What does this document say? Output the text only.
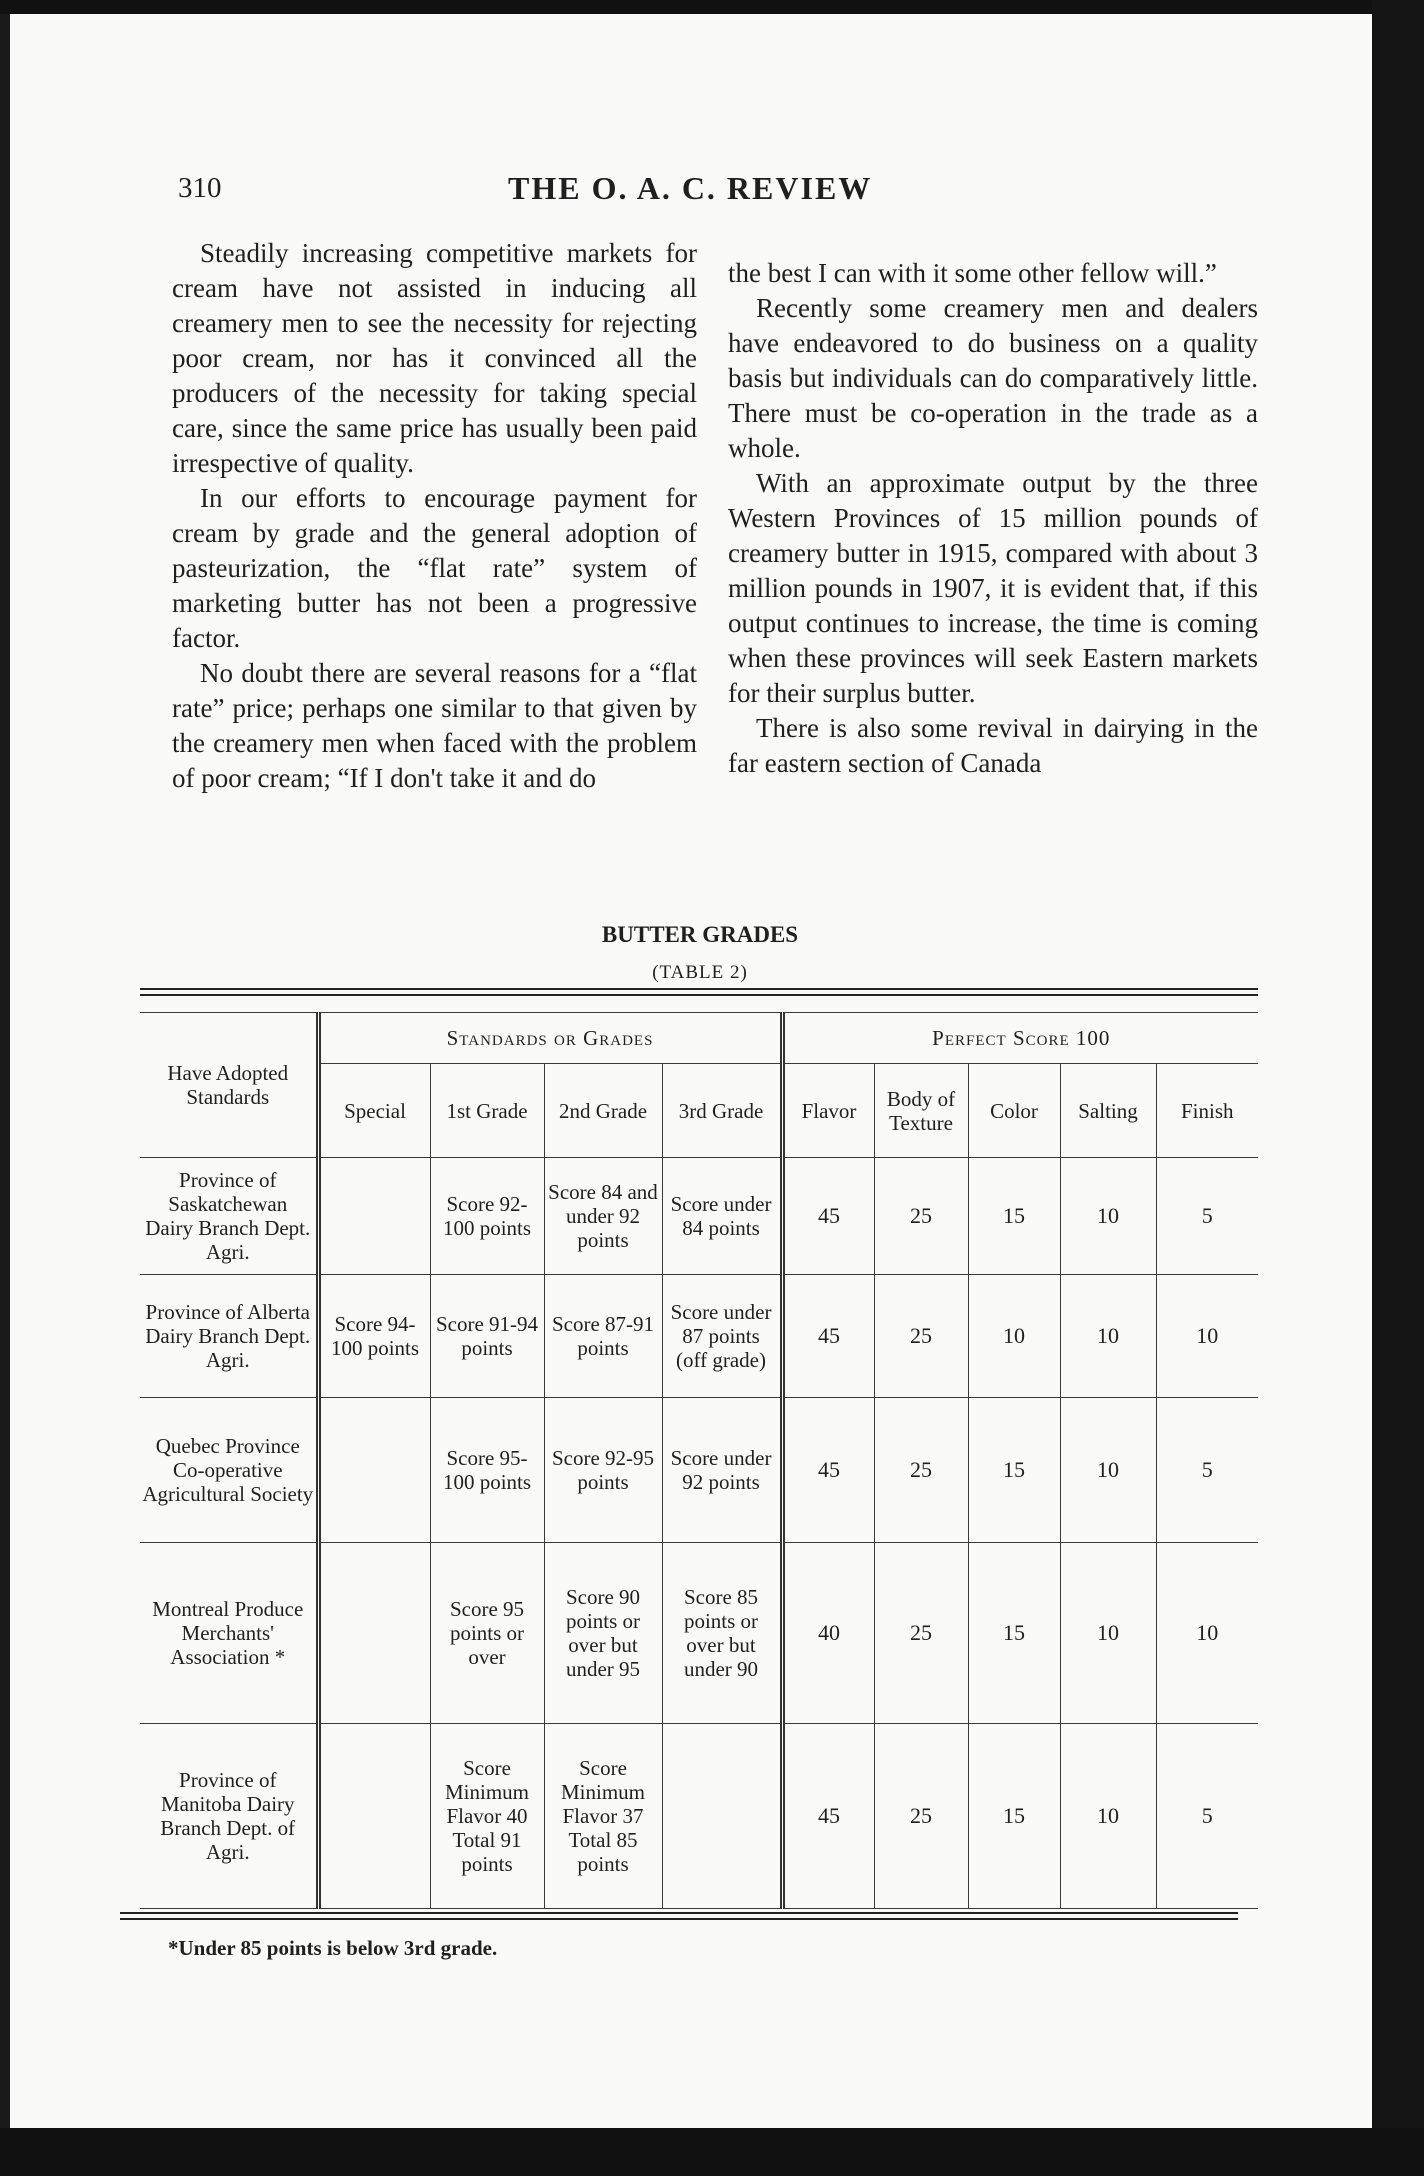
310	THE O. A. C. REVIEW

Steadily increasing competitive markets for cream have not assisted in inducing all creamery men to see the necessity for rejecting poor cream, nor has it convinced all the producers of the necessity for taking special care, since the same price has usually been paid irrespective of quality.

In our efforts to encourage payment for cream by grade and the general adoption of pasteurization, the “flat rate” system of marketing butter has not been a progressive factor.

No doubt there are several reasons for a “flat rate” price; perhaps one similar to that given by the creamery men when faced with the problem of poor cream; “If I don't take it and do

the best I can with it some other fellow will.”

Recently some creamery men and dealers have endeavored to do business on a quality basis but individuals can do comparatively little. There must be co-operation in the trade as a whole.

With an approximate output by the three Western Provinces of 15 million pounds of creamery butter in 1915, compared with about 3 million pounds in 1907, it is evident that, if this output continues to increase, the time is coming when these provinces will seek Eastern markets for their surplus butter.

There is also some revival in dairying in the far eastern section of Canada

BUTTER GRADES
(TABLE 2)
Have Adopted Standards	Standards or Grades				Perfect Score 100				
	Special	1st Grade	2nd Grade	3rd Grade	Flavor	Body of Texture	Color	Salting	Finish
Province of Saskatchewan Dairy Branch Dept. Agri.		Score 92-100 points	Score 84 and under 92 points	Score under 84 points	45	25	15	10	5
Province of Alberta Dairy Branch Dept. Agri.	Score 94-100 points	Score 91-94 points	Score 87-91 points	Score under 87 points (off grade)	45	25	10	10	10
Quebec Province Co-operative Agricultural Society		Score 95-100 points	Score 92-95 points	Score under 92 points	45	25	15	10	5
Montreal Produce Merchants' Association *		Score 95 points or over	Score 90 points or over but under 95	Score 85 points or over but under 90	40	25	15	10	10
Province of Manitoba Dairy Branch Dept. of Agri.		Score Minimum Flavor 40 Total 91 points	Score Minimum Flavor 37 Total 85 points		45	25	15	10	5
*Under 85 points is below 3rd grade.
